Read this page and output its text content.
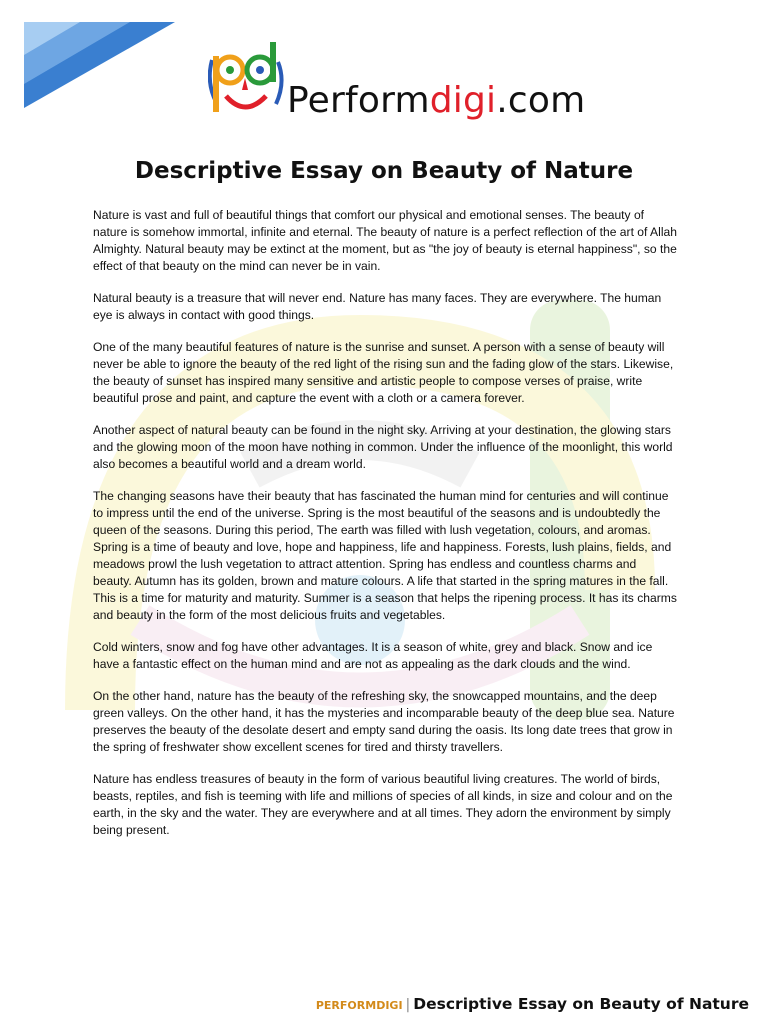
Performdigi.com
Descriptive Essay on Beauty of Nature

Nature is vast and full of beautiful things that comfort our physical and emotional senses. The beauty of nature is somehow immortal, infinite and eternal. The beauty of nature is a perfect reflection of the art of Allah Almighty. Natural beauty may be extinct at the moment, but as "the joy of beauty is eternal happiness", so the effect of that beauty on the mind can never be in vain.

Natural beauty is a treasure that will never end. Nature has many faces. They are everywhere. The human eye is always in contact with good things.

One of the many beautiful features of nature is the sunrise and sunset. A person with a sense of beauty will never be able to ignore the beauty of the red light of the rising sun and the fading glow of the stars. Likewise, the beauty of sunset has inspired many sensitive and artistic people to compose verses of praise, write beautiful prose and paint, and capture the event with a cloth or a camera forever.

Another aspect of natural beauty can be found in the night sky. Arriving at your destination, the glowing stars and the glowing moon of the moon have nothing in common. Under the influence of the moonlight, this world also becomes a beautiful world and a dream world.

The changing seasons have their beauty that has fascinated the human mind for centuries and will continue to impress until the end of the universe. Spring is the most beautiful of the seasons and is undoubtedly the queen of the seasons. During this period, The earth was filled with lush vegetation, colours, and aromas. Spring is a time of beauty and love, hope and happiness, life and happiness. Forests, lush plains, fields, and meadows prowl the lush vegetation to attract attention. Spring has endless and countless charms and beauty. Autumn has its golden, brown and mature colours. A life that started in the spring matures in the fall. This is a time for maturity and maturity. Summer is a season that helps the ripening process. It has its charms and beauty in the form of the most delicious fruits and vegetables.

Cold winters, snow and fog have other advantages. It is a season of white, grey and black. Snow and ice have a fantastic effect on the human mind and are not as appealing as the dark clouds and the wind.

On the other hand, nature has the beauty of the refreshing sky, the snowcapped mountains, and the deep green valleys. On the other hand, it has the mysteries and incomparable beauty of the deep blue sea. Nature preserves the beauty of the desolate desert and empty sand during the oasis. Its long date trees that grow in the spring of freshwater show excellent scenes for tired and thirsty travellers.

Nature has endless treasures of beauty in the form of various beautiful living creatures. The world of birds, beasts, reptiles, and fish is teeming with life and millions of species of all kinds, in size and colour and on the earth, in the sky and the water. They are everywhere and at all times. They adorn the environment by simply being present.

PERFORMDIGI | Descriptive Essay on Beauty of Nature
